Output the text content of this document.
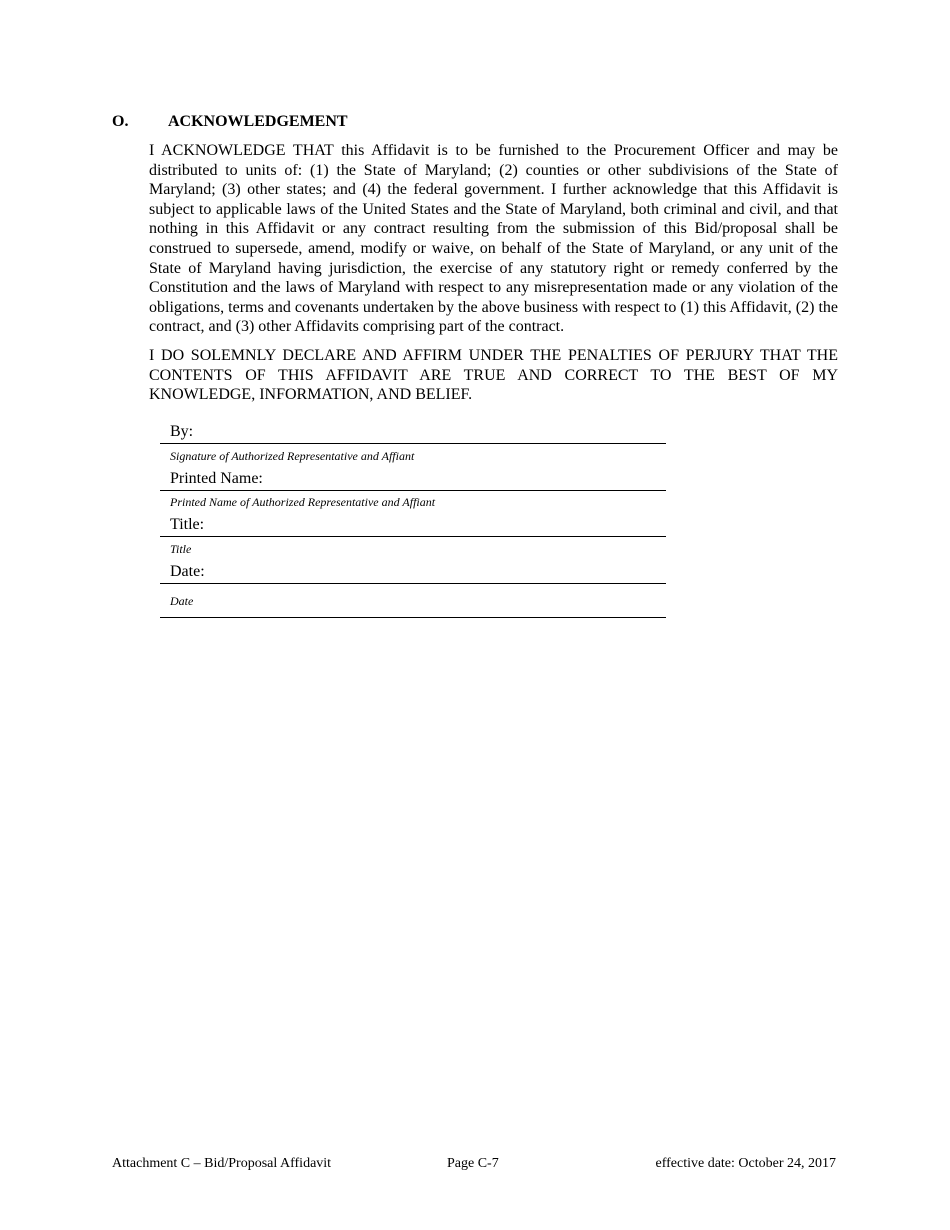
O. ACKNOWLEDGEMENT

I ACKNOWLEDGE THAT this Affidavit is to be furnished to the Procurement Officer and may be distributed to units of: (1) the State of Maryland; (2) counties or other subdivisions of the State of Maryland; (3) other states; and (4) the federal government. I further acknowledge that this Affidavit is subject to applicable laws of the United States and the State of Maryland, both criminal and civil, and that nothing in this Affidavit or any contract resulting from the submission of this Bid/proposal shall be construed to supersede, amend, modify or waive, on behalf of the State of Maryland, or any unit of the State of Maryland having jurisdiction, the exercise of any statutory right or remedy conferred by the Constitution and the laws of Maryland with respect to any misrepresentation made or any violation of the obligations, terms and covenants undertaken by the above business with respect to (1) this Affidavit, (2) the contract, and (3) other Affidavits comprising part of the contract.

I DO SOLEMNLY DECLARE AND AFFIRM UNDER THE PENALTIES OF PERJURY THAT THE CONTENTS OF THIS AFFIDAVIT ARE TRUE AND CORRECT TO THE BEST OF MY KNOWLEDGE, INFORMATION, AND BELIEF.

By:
Signature of Authorized Representative and Affiant
Printed Name:
Printed Name of Authorized Representative and Affiant
Title:
Title
Date:
Date
Attachment C – Bid/Proposal Affidavit	Page C-7	effective date: October 24, 2017
